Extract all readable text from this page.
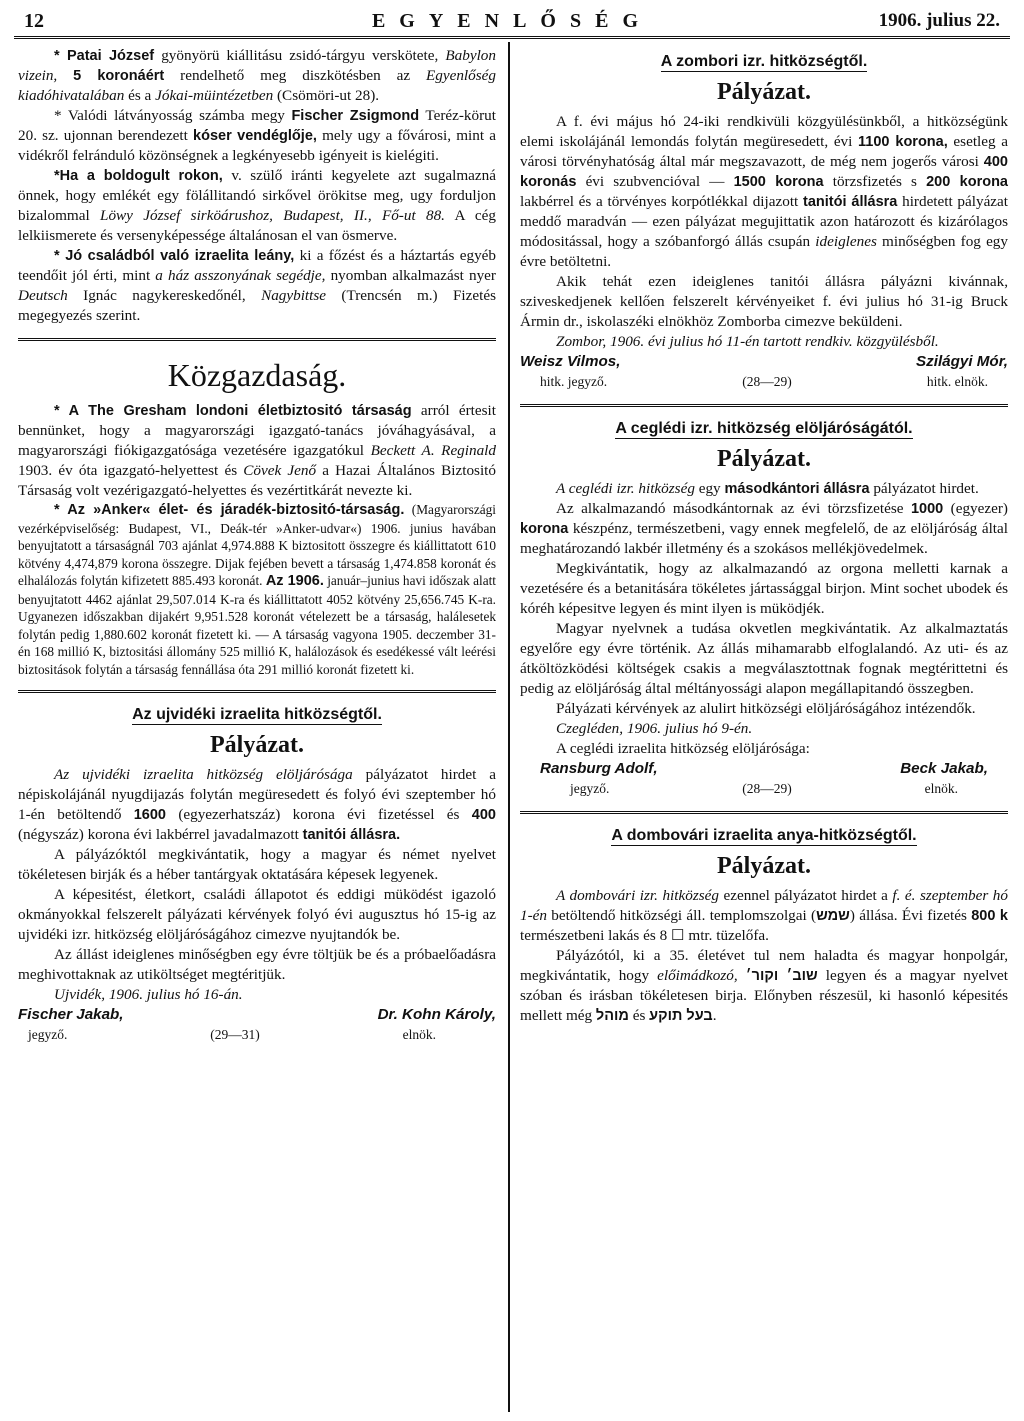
12	EGYENLŐSÉG	1906. julius 22.

* Patai József gyönyörü kiállitásu zsidó-tárgyu verskötete, Babylon vizein, 5 koronáért rendelhető meg diszkötésben az Egyenlőség kiadóhivatalában és a Jókai-müintézetben (Csömöri-ut 28).

* Valódi látványosság számba megy Fischer Zsigmond Teréz-körut 20. sz. ujonnan berendezett kóser vendéglője, mely ugy a fővárosi, mint a vidékről felránduló közönségnek a legkényesebb igényeit is kielégiti.

*Ha a boldogult rokon, v. szülő iránti kegyelete azt sugalmazná önnek, hogy emlékét egy fölállitandó sirkővel örökitse meg, ugy forduljon bizalommal Löwy József sirköárushoz, Budapest, II., Fő-ut 88. A cég lelkiismerete és versenyképessége általánosan el van ösmerve.

* Jó családból való izraelita leány, ki a főzést és a háztartás egyéb teendőit jól érti, mint a ház asszonyának segédje, nyomban alkalmazást nyer Deutsch Ignác nagykereskedőnél, Nagybittse (Trencsén m.) Fizetés megegyezés szerint.

Közgazdaság.

* A The Gresham londoni életbiztositó társaság arról értesit bennünket, hogy a magyarországi igazgató-tanács jóváhagyásával, a magyarországi fiókigazgatósága vezetésére igazgatókul Beckett A. Reginald 1903. év óta igazgató-helyettest és Cövek Jenő a Hazai Általános Biztositó Társaság volt vezérigazgató-helyettes és vezértitkárát nevezte ki.

* Az »Anker« élet- és járadék-biztositó-társaság. (Magyarországi vezérképviselőség: Budapest, VI., Deák-tér »Anker-udvar«) 1906. junius havában benyujtatott a társaságnál 703 ajánlat 4,974.888 K biztositott összegre és kiállittatott 610 kötvény 4,474,879 korona összegre. Dijak fejében bevett a társaság 1,474.858 koronát és elhalálozás folytán kifizetett 885.493 koronát. Az 1906. január–junius havi időszak alatt benyujtatott 4462 ajánlat 29,507.014 K-ra és kiállittatott 4052 kötvény 25,656.745 K-ra. Ugyanezen időszakban dijakért 9,951.528 koronát vételezett be a társaság, halálesetek folytán pedig 1,880.602 koronát fizetett ki. — A társaság vagyona 1905. deczember 31-én 168 millió K, biztositási állomány 525 millió K, halálozások és esedékessé vált leérési biztositások folytán a társaság fennállása óta 291 millió koronát fizetett ki.

Az ujvidéki izraelita hitközségtől.
Pályázat.

Az ujvidéki izraelita hitközség elöljáróságа pályázatot hirdet a népiskolájánál nyugdijazás folytán megüresedett és folyó évi szeptember hó 1-én betöltendő 1600 (egyezerhatszáz) korona évi fizetéssel és 400 (négyszáz) korona évi lakbérrel javadalmazott tanitói állásra.

A pályázóktól megkivántatik, hogy a magyar és német nyelvet tökéletesen birják és a héber tantárgyak oktatására képesek legyenek.

A képesitést, életkort, családi állapotot és eddigi müködést igazoló okmányokkal felszerelt pályázati kérvények folyó évi augusztus hó 15-ig az ujvidéki izr. hitközség elöljáróságához cimezve nyujtandók be.

Az állást ideiglenes minőségben egy évre töltjük be és a próbaelőadásra meghivottaknak az utiköltséget megtéritjük.

Ujvidék, 1906. julius hó 16-án.

Fischer Jakab,	Dr. Kohn Károly,
jegyző.	(29—31)	elnök.
A zombori izr. hitközségtől.
Pályázat.

A f. évi május hó 24-iki rendkivüli közgyülésünkből, a hitközségünk elemi iskolájánál lemondás folytán megüresedett, évi 1100 korona, esetleg a városi törvényhatóság által már megszavazott, de még nem jogerős városi 400 koronás évi szubvencióval — 1500 korona törzsfizetés s 200 korona lakbérrel és a törvényes korpótlékkal dijazott tanitói állásra hirdetett pályázat meddő maradván — ezen pályázat megujittatik azon határozott és kizárólagos módositással, hogy a szóbanforgó állás csupán ideiglenes minőségben fog egy évre betöltetni.

Akik tehát ezen ideiglenes tanitói állásra pályázni kivánnak, sziveskedjenek kellően felszerelt kérvényeiket f. évi julius hó 31-ig Bruck Ármin dr., iskolaszéki elnökhöz Zomborba cimezve beküldeni.

Zombor, 1906. évi julius hó 11-én tartott rendkiv. közgyülésből.

Weisz Vilmos,	Szilágyi Mór,
hitk. jegyző.	(28—29)	hitk. elnök.
A ceglédi izr. hitközség elöljáróságától.
Pályázat.

A ceglédi izr. hitközség egy másodkántori állásra pályázatot hirdet.

Az alkalmazandó másodkántornak az évi törzsfizetése 1000 (egyezer) korona készpénz, természetbeni, vagy ennek megfelelő, de az elöljáróság által meghatározandó lakbér illetmény és a szokásos mellékjövedelmek.

Megkivántatik, hogy az alkalmazandó az orgona melletti karnak a vezetésére és a betanitására tökéletes jártassággal birjon. Mint sochet ubodek és kóréh képesitve legyen és mint ilyen is müködjék.

Magyar nyelvnek a tudása okvetlen megkivántatik. Az alkalmaztatás egyelőre egy évre történik. Az állás mihamarabb elfoglalandó. Az uti- és az átköltözködési költségek csakis a megválasztottnak fognak megtérittetni és pedig az elöljáróság által méltányossági alapon megállapitandó összegben.

Pályázati kérvények az alulirt hitközségi elöljáróságához intézendők.

Czegléden, 1906. julius hó 9-én.

A ceglédi izraelita hitközség elöljárósága:

Ransburg Adolf,	Beck Jakab,
jegyző.	(28—29)	elnök.
A dombovári izraelita anya-hitközségtől.
Pályázat.

A dombovári izr. hitközség ezennel pályázatot hirdet a f. é. szeptember hó 1-én betöltendő hitközségi áll. templomszolgai (שמש) állása. Évi fizetés 800 k természetbeni lakás és 8 ☐ mtr. tüzelőfa.

Pályázótól, ki a 35. életévet tul nem haladta és magyar honpolgár, megkivántatik, hogy előimádkozó, שוב׳ וקור׳ legyen és a magyar nyelvet szóban és irásban tökéletesen birja. Előnyben részesül, ki hasonló képesités mellett még מוהל és בעל תוקע.
